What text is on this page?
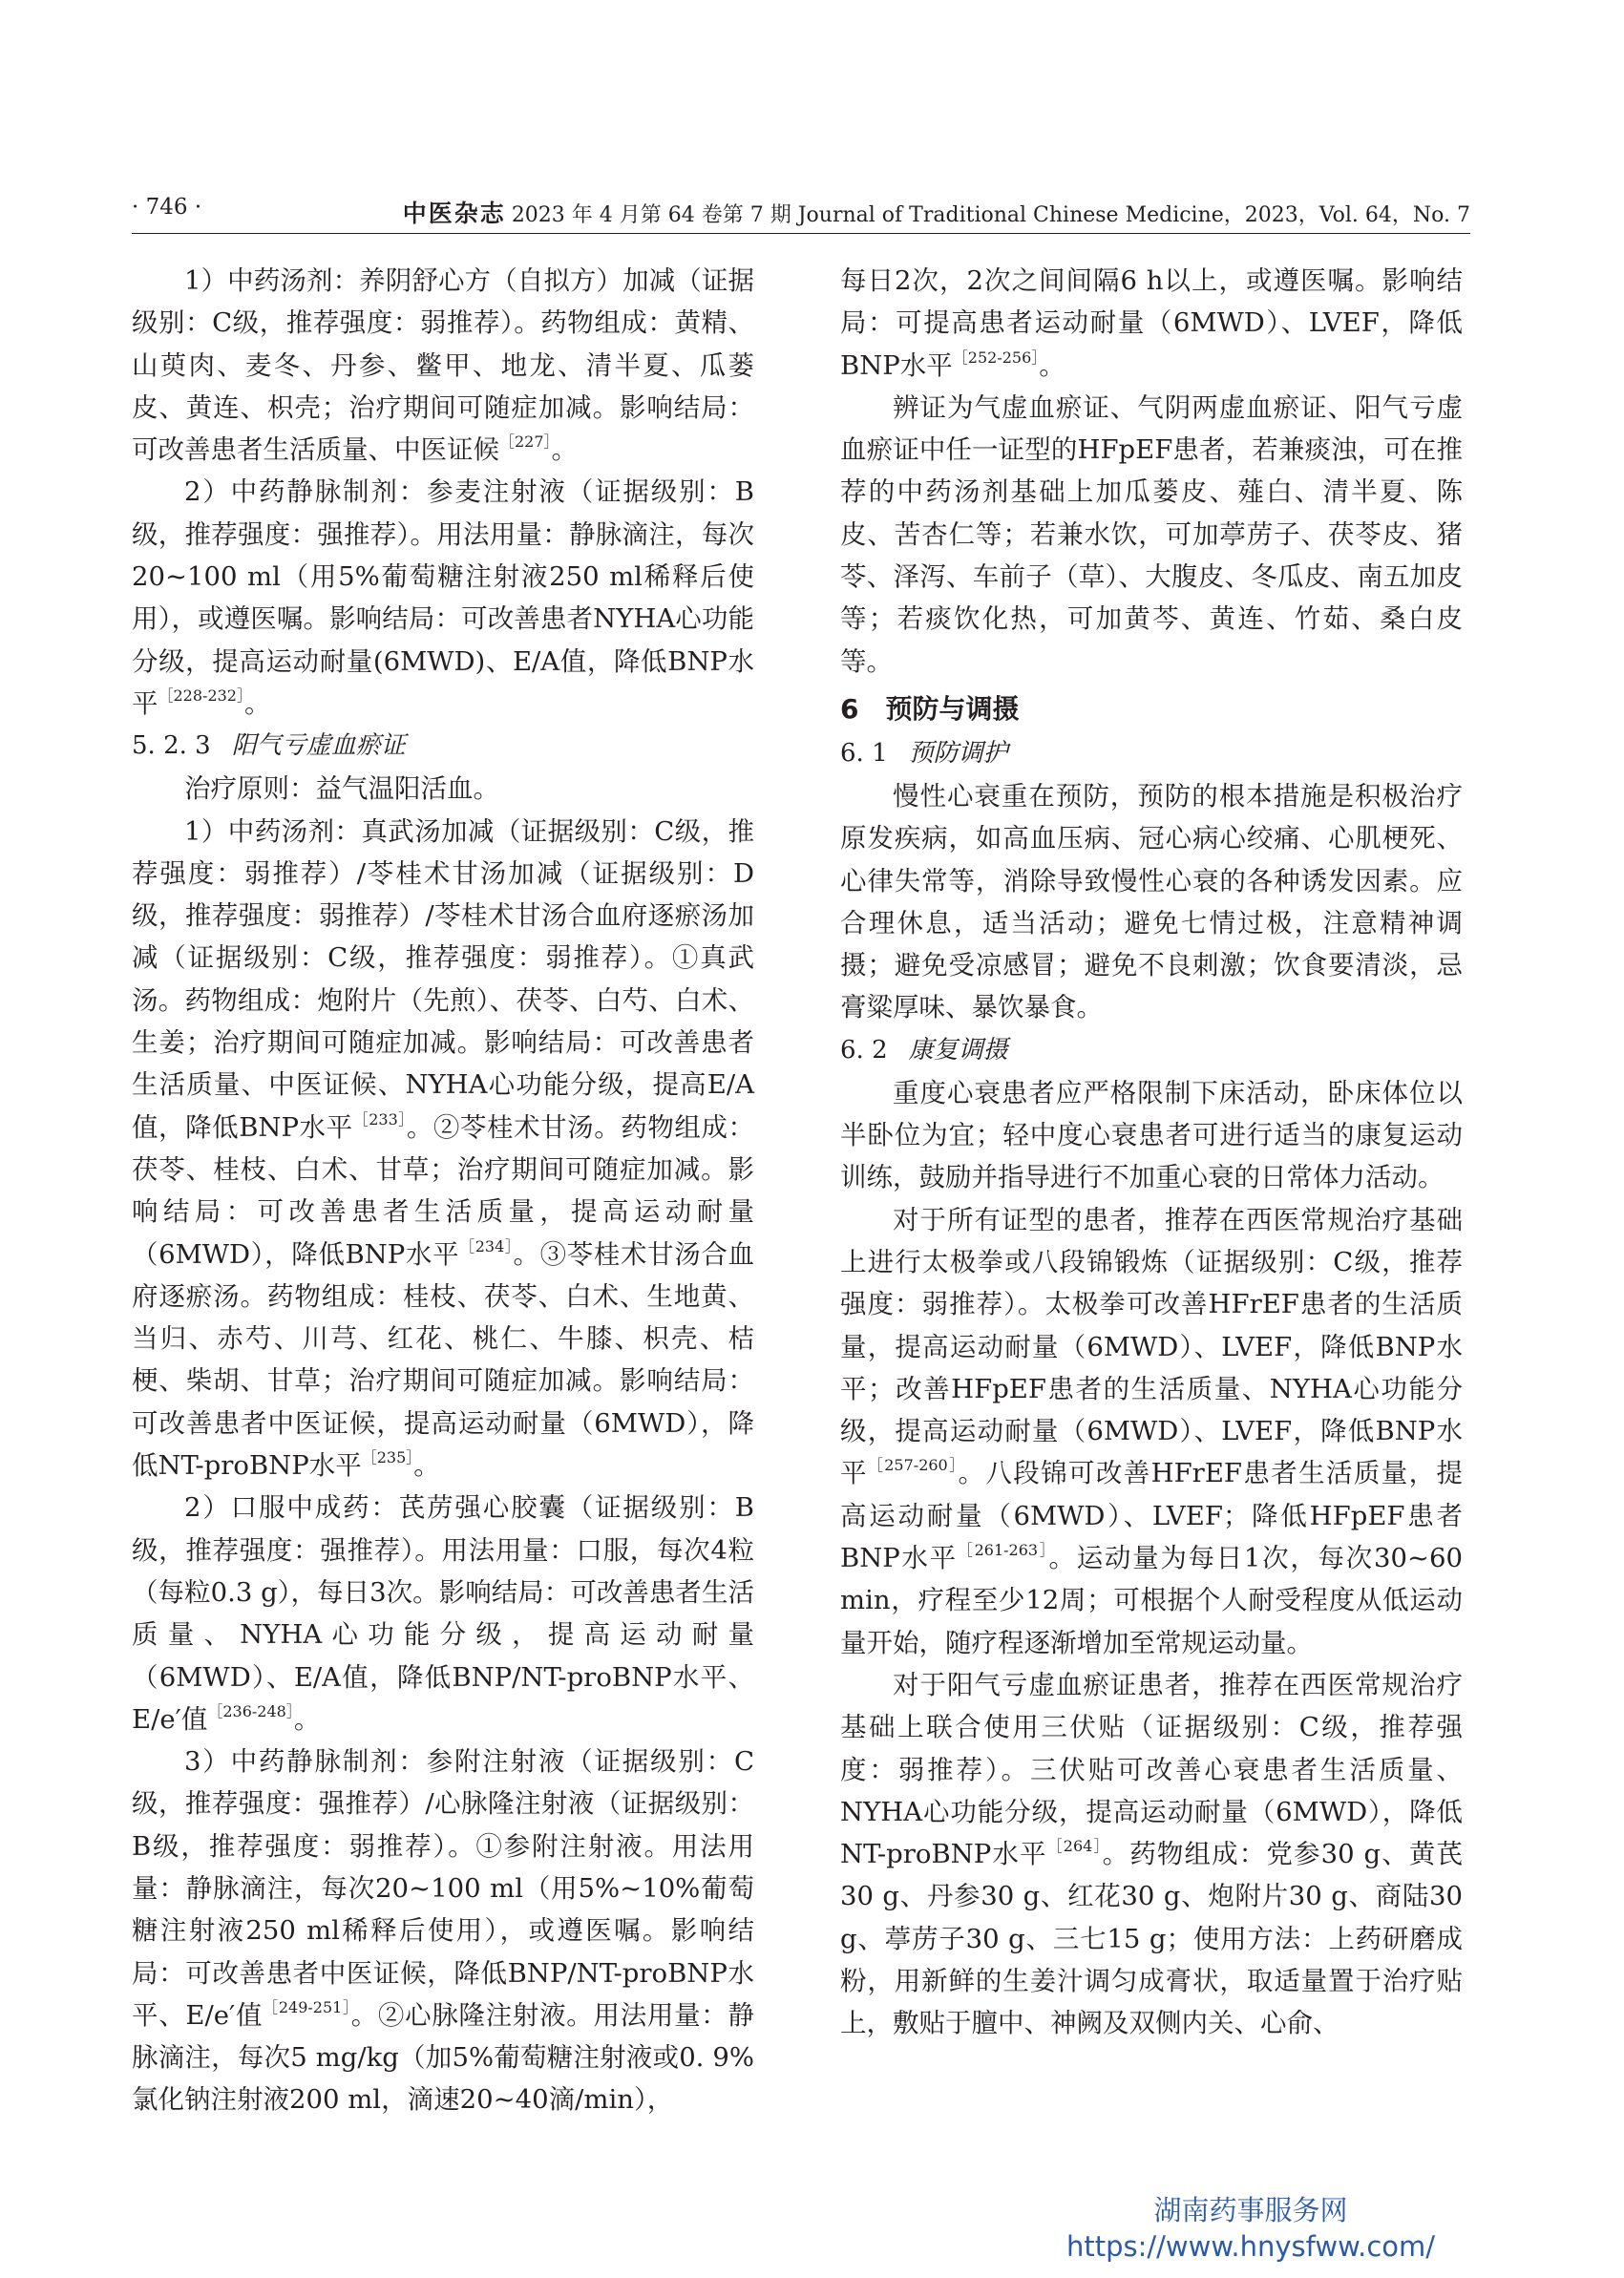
· 746 ·	中医杂志 2023 年 4 月第 64 卷第 7 期 Journal of Traditional Chinese Medicine，2023，Vol. 64，No. 7

1）中药汤剂：养阴舒心方（自拟方）加减（证据级别：C级，推荐强度：弱推荐）。药物组成：黄精、山萸肉、麦冬、丹参、鳖甲、地龙、清半夏、瓜蒌皮、黄连、枳壳；治疗期间可随症加减。影响结局：可改善患者生活质量、中医证候$^{[227]}$。

2）中药静脉制剂：参麦注射液（证据级别：B级，推荐强度：强推荐）。用法用量：静脉滴注，每次20~100 ml（用5%葡萄糖注射液250 ml稀释后使用），或遵医嘱。影响结局：可改善患者NYHA心功能分级，提高运动耐量(6MWD)、E/A值，降低BNP水平$^{[228-232]}$。

5. 2. 3 阳气亏虚血瘀证

治疗原则：益气温阳活血。

1）中药汤剂：真武汤加减（证据级别：C级，推荐强度：弱推荐）/苓桂术甘汤加减（证据级别：D级，推荐强度：弱推荐）/苓桂术甘汤合血府逐瘀汤加减（证据级别：C级，推荐强度：弱推荐）。①真武汤。药物组成：炮附片（先煎）、茯苓、白芍、白术、生姜；治疗期间可随症加减。影响结局：可改善患者生活质量、中医证候、NYHA心功能分级，提高E/A值，降低BNP水平$^{[233]}$。②苓桂术甘汤。药物组成：茯苓、桂枝、白术、甘草；治疗期间可随症加减。影响结局：可改善患者生活质量，提高运动耐量（6MWD），降低BNP水平$^{[234]}$。③苓桂术甘汤合血府逐瘀汤。药物组成：桂枝、茯苓、白术、生地黄、当归、赤芍、川芎、红花、桃仁、牛膝、枳壳、桔梗、柴胡、甘草；治疗期间可随症加减。影响结局：可改善患者中医证候，提高运动耐量（6MWD），降低NT-proBNP水平$^{[235]}$。

2）口服中成药：芪苈强心胶囊（证据级别：B级，推荐强度：强推荐）。用法用量：口服，每次4粒（每粒0.3 g），每日3次。影响结局：可改善患者生活质量、NYHA心功能分级，提高运动耐量（6MWD）、E/A值，降低BNP/NT-proBNP水平、E/e′值$^{[236-248]}$。

3）中药静脉制剂：参附注射液（证据级别：C级，推荐强度：强推荐）/心脉隆注射液（证据级别：B级，推荐强度：弱推荐）。①参附注射液。用法用量：静脉滴注，每次20~100 ml（用5%~10%葡萄糖注射液250 ml稀释后使用），或遵医嘱。影响结局：可改善患者中医证候，降低BNP/NT-proBNP水平、E/e′值$^{[249-251]}$。②心脉隆注射液。用法用量：静脉滴注，每次5 mg/kg（加5%葡萄糖注射液或0. 9%氯化钠注射液200 ml，滴速20~40滴/min），

每日2次，2次之间间隔6 h以上，或遵医嘱。影响结局：可提高患者运动耐量（6MWD）、LVEF，降低BNP水平$^{[252-256]}$。

辨证为气虚血瘀证、气阴两虚血瘀证、阳气亏虚血瘀证中任一证型的HFpEF患者，若兼痰浊，可在推荐的中药汤剂基础上加瓜蒌皮、薤白、清半夏、陈皮、苦杏仁等；若兼水饮，可加葶苈子、茯苓皮、猪苓、泽泻、车前子（草）、大腹皮、冬瓜皮、南五加皮等；若痰饮化热，可加黄芩、黄连、竹茹、桑白皮等。

6　预防与调摄
6. 1 预防调护

慢性心衰重在预防，预防的根本措施是积极治疗原发疾病，如高血压病、冠心病心绞痛、心肌梗死、心律失常等，消除导致慢性心衰的各种诱发因素。应合理休息，适当活动；避免七情过极，注意精神调摄；避免受凉感冒；避免不良刺激；饮食要清淡，忌膏粱厚味、暴饮暴食。

6. 2 康复调摄

重度心衰患者应严格限制下床活动，卧床体位以半卧位为宜；轻中度心衰患者可进行适当的康复运动训练，鼓励并指导进行不加重心衰的日常体力活动。

对于所有证型的患者，推荐在西医常规治疗基础上进行太极拳或八段锦锻炼（证据级别：C级，推荐强度：弱推荐）。太极拳可改善HFrEF患者的生活质量，提高运动耐量（6MWD）、LVEF，降低BNP水平；改善HFpEF患者的生活质量、NYHA心功能分级，提高运动耐量（6MWD）、LVEF，降低BNP水平$^{[257-260]}$。八段锦可改善HFrEF患者生活质量，提高运动耐量（6MWD）、LVEF；降低HFpEF患者BNP水平$^{[261-263]}$。运动量为每日1次，每次30~60 min，疗程至少12周；可根据个人耐受程度从低运动量开始，随疗程逐渐增加至常规运动量。

对于阳气亏虚血瘀证患者，推荐在西医常规治疗基础上联合使用三伏贴（证据级别：C级，推荐强度：弱推荐）。三伏贴可改善心衰患者生活质量、NYHA心功能分级，提高运动耐量（6MWD），降低NT-proBNP水平$^{[264]}$。药物组成：党参30 g、黄芪30 g、丹参30 g、红花30 g、炮附片30 g、商陆30 g、葶苈子30 g、三七15 g；使用方法：上药研磨成粉，用新鲜的生姜汁调匀成膏状，取适量置于治疗贴上，敷贴于膻中、神阙及双侧内关、心俞、

湖南药事服务网
https://www.hnysfww.com/
